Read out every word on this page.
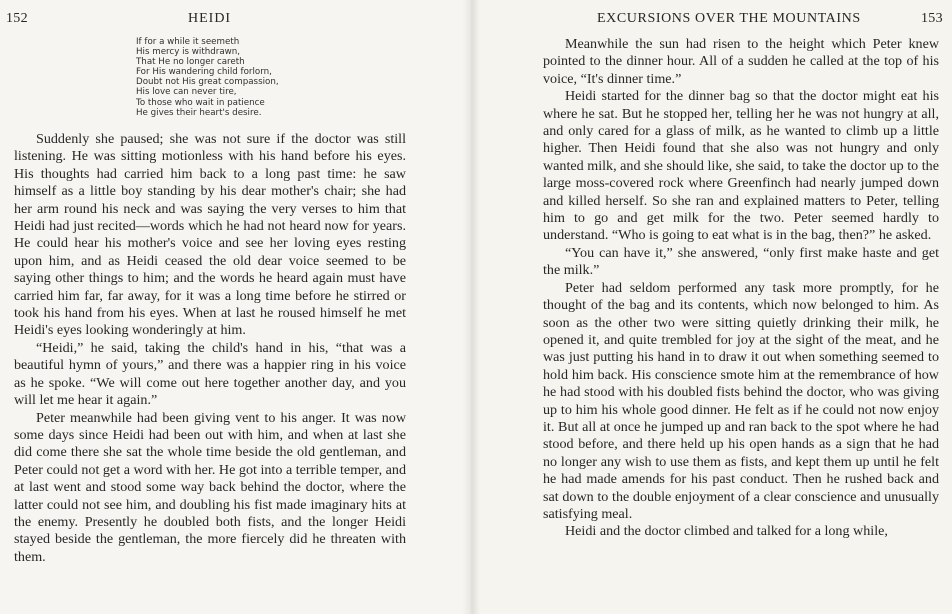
152	HEIDI
If for a while it seemeth
His mercy is withdrawn,
That He no longer careth
For His wandering child forlorn,
Doubt not His great compassion,
His love can never tire,
To those who wait in patience
He gives their heart's desire.

Suddenly she paused; she was not sure if the doctor was still listening. He was sitting motionless with his hand before his eyes. His thoughts had carried him back to a long past time: he saw himself as a little boy standing by his dear mother's chair; she had her arm round his neck and was saying the very verses to him that Heidi had just recited—words which he had not heard now for years. He could hear his mother's voice and see her loving eyes resting upon him, and as Heidi ceased the old dear voice seemed to be saying other things to him; and the words he heard again must have carried him far, far away, for it was a long time before he stirred or took his hand from his eyes. When at last he roused himself he met Heidi's eyes looking wonderingly at him.

“Heidi,” he said, taking the child's hand in his, “that was a beautiful hymn of yours,” and there was a happier ring in his voice as he spoke. “We will come out here together another day, and you will let me hear it again.”

Peter meanwhile had been giving vent to his anger. It was now some days since Heidi had been out with him, and when at last she did come there she sat the whole time beside the old gentleman, and Peter could not get a word with her. He got into a terrible temper, and at last went and stood some way back behind the doctor, where the latter could not see him, and doubling his fist made imaginary hits at the enemy. Presently he doubled both fists, and the longer Heidi stayed beside the gentleman, the more fiercely did he threaten with them.

EXCURSIONS OVER THE MOUNTAINS	153

Meanwhile the sun had risen to the height which Peter knew pointed to the dinner hour. All of a sudden he called at the top of his voice, “It's dinner time.”

Heidi started for the dinner bag so that the doctor might eat his where he sat. But he stopped her, telling her he was not hungry at all, and only cared for a glass of milk, as he wanted to climb up a little higher. Then Heidi found that she also was not hungry and only wanted milk, and she should like, she said, to take the doctor up to the large moss-covered rock where Greenfinch had nearly jumped down and killed herself. So she ran and explained matters to Peter, telling him to go and get milk for the two. Peter seemed hardly to understand. “Who is going to eat what is in the bag, then?” he asked.

“You can have it,” she answered, “only first make haste and get the milk.”

Peter had seldom performed any task more promptly, for he thought of the bag and its contents, which now belonged to him. As soon as the other two were sitting quietly drinking their milk, he opened it, and quite trembled for joy at the sight of the meat, and he was just putting his hand in to draw it out when something seemed to hold him back. His conscience smote him at the remembrance of how he had stood with his doubled fists behind the doctor, who was giving up to him his whole good dinner. He felt as if he could not now enjoy it. But all at once he jumped up and ran back to the spot where he had stood before, and there held up his open hands as a sign that he had no longer any wish to use them as fists, and kept them up until he felt he had made amends for his past conduct. Then he rushed back and sat down to the double enjoyment of a clear conscience and unusually satisfying meal.

Heidi and the doctor climbed and talked for a long while,
